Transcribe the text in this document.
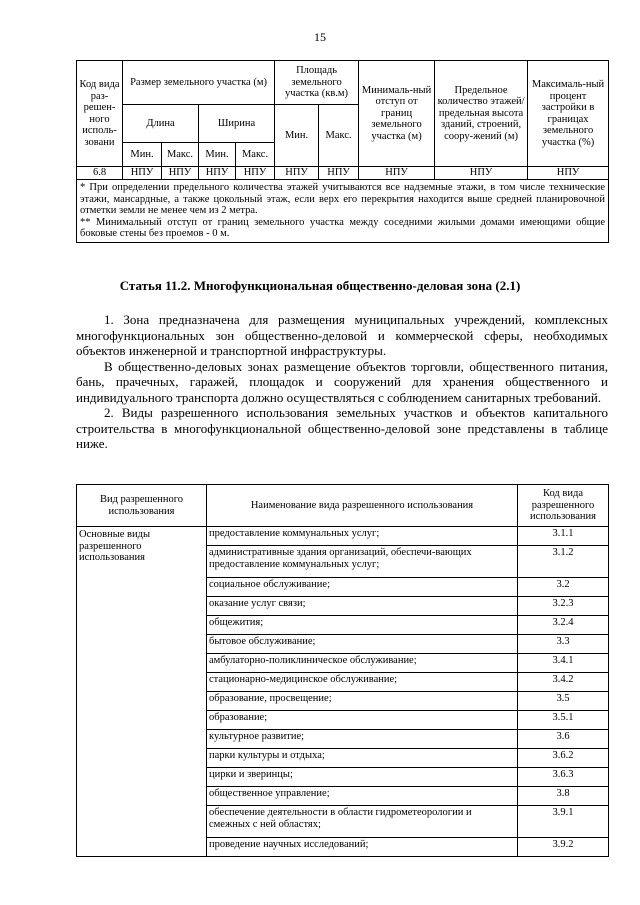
15
Код вида раз-решен-ного исполь-зовани	Размер земельного участка (м)				Площадь земельного участка (кв.м)		Минималь-ный отступ от границ земельного участка (м)	Предельное количество этажей/ предельная высота зданий, строений, соору-жений (м)	Максималь-ный процент застройки в границах земельного участка (%)
	Длина		Ширина		Мин.	Макс.			
	Мин.	Макс.	Мин.	Макс.					
6.8	НПУ	НПУ	НПУ	НПУ	НПУ	НПУ	НПУ	НПУ	НПУ

* При определении предельного количества этажей учитываются все надземные этажи, в том числе технические этажи, мансардные, а также цокольный этаж, если верх его перекрытия находится выше средней планировочной отметки земли не менее чем из 2 метра.
** Минимальный отступ от границ земельного участка между соседними жилыми домами имеющими общие боковые стены без проемов - 0 м.									
Статья 11.2. Многофункциональная общественно-деловая зона (2.1)

1. Зона предназначена для размещения муниципальных учреждений, комплексных многофункциональных зон общественно-деловой и коммерческой сферы, необходимых объектов инженерной и транспортной инфраструктуры.

В общественно-деловых зонах размещение объектов торговли, общественного питания, бань, прачечных, гаражей, площадок и сооружений для хранения общественного и индивидуального транспорта должно осуществляться с соблюдением санитарных требований.

2. Виды разрешенного использования земельных участков и объектов капитального строительства в многофункциональной общественно-деловой зоне представлены в таблице ниже.

Вид разрешенного использования	Наименование вида разрешенного использования	Код вида разрешенного использования
Основные виды разрешенного использования	предоставление коммунальных услуг;	3.1.1
	административные здания организаций, обеспечи-вающих предоставление коммунальных услуг;	3.1.2
	социальное обслуживание;	3.2
	оказание услуг связи;	3.2.3
	общежития;	3.2.4
	бытовое обслуживание;	3.3
	амбулаторно-поликлиническое обслуживание;	3.4.1
	стационарно-медицинское обслуживание;	3.4.2
	образование, просвещение;	3.5
	образование;	3.5.1
	культурное развитие;	3.6
	парки культуры и отдыха;	3.6.2
	цирки и зверинцы;	3.6.3
	общественное управление;	3.8
	обеспечение деятельности в области гидрометеорологии и смежных с ней областях;	3.9.1
	проведение научных исследований;	3.9.2
